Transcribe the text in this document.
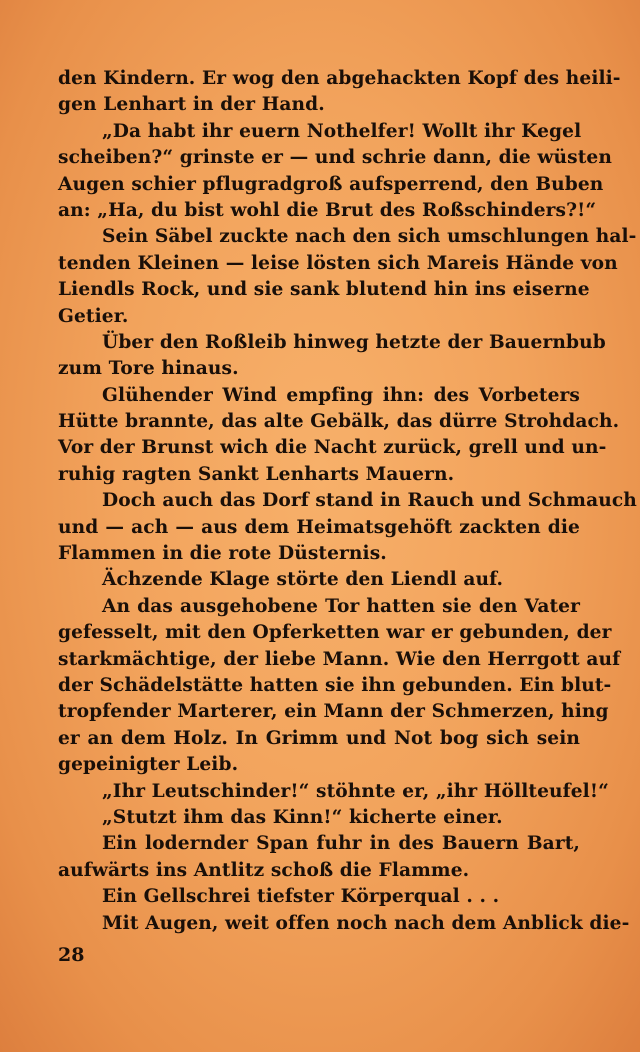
den Kindern. Er wog den abgehackten Kopf des heili-
gen Lenhart in der Hand.
„Da habt ihr euern Nothelfer! Wollt ihr Kegel
scheiben?“ grinste er — und schrie dann, die wüsten
Augen schier pflugradgroß aufsperrend, den Buben
an: „Ha, du bist wohl die Brut des Roßschinders?!“
Sein Säbel zuckte nach den sich umschlungen hal-
tenden Kleinen — leise lösten sich Mareis Hände von
Liendls Rock, und sie sank blutend hin ins eiserne
Getier.
Über den Roßleib hinweg hetzte der Bauernbub
zum Tore hinaus.
Glühender Wind empfing ihn: des Vorbeters
Hütte brannte, das alte Gebälk, das dürre Strohdach.
Vor der Brunst wich die Nacht zurück, grell und un-
ruhig ragten Sankt Lenharts Mauern.
Doch auch das Dorf stand in Rauch und Schmauch
und — ach — aus dem Heimatsgehöft zackten die
Flammen in die rote Düsternis.
Ächzende Klage störte den Liendl auf.
An das ausgehobene Tor hatten sie den Vater
gefesselt, mit den Opferketten war er gebunden, der
starkmächtige, der liebe Mann. Wie den Herrgott auf
der Schädelstätte hatten sie ihn gebunden. Ein blut-
tropfender Marterer, ein Mann der Schmerzen, hing
er an dem Holz. In Grimm und Not bog sich sein
gepeinigter Leib.
„Ihr Leutschinder!“ stöhnte er, „ihr Höllteufel!“
„Stutzt ihm das Kinn!“ kicherte einer.
Ein lodernder Span fuhr in des Bauern Bart,
aufwärts ins Antlitz schoß die Flamme.
Ein Gellschrei tiefster Körperqual . . .
Mit Augen, weit offen noch nach dem Anblick die-
28
